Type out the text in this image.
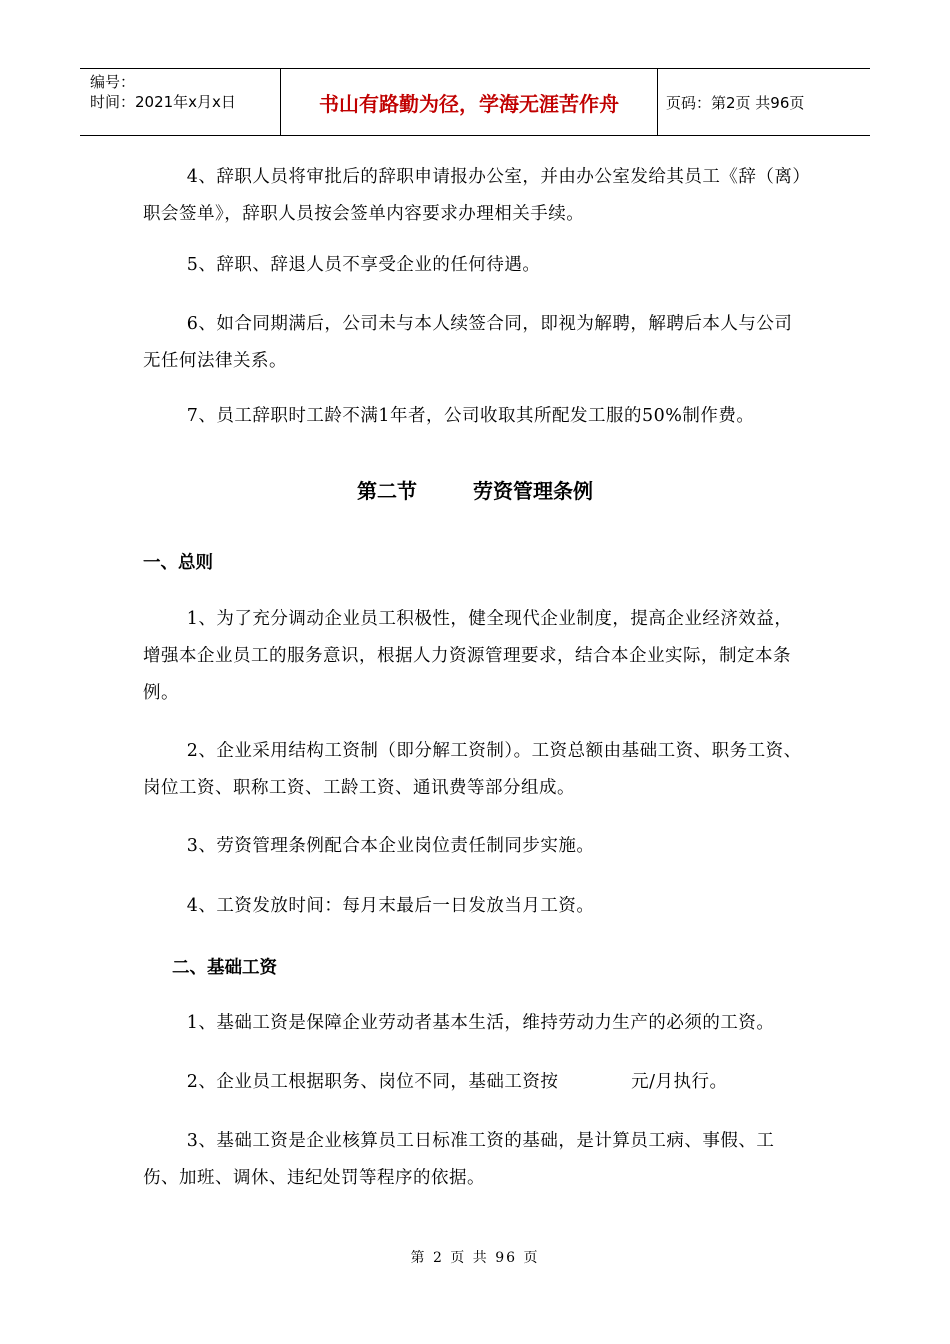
编号：
时间：2021年x月x日	书山有路勤为径，学海无涯苦作舟	页码：第2页 共96页

4、辞职人员将审批后的辞职申请报办公室，并由办公室发给其员工《辞（离）职会签单》，辞职人员按会签单内容要求办理相关手续。

5、辞职、辞退人员不享受企业的任何待遇。

6、如合同期满后，公司未与本人续签合同，即视为解聘，解聘后本人与公司无任何法律关系。

7、员工辞职时工龄不满1年者，公司收取其所配发工服的50%制作费。

第二节	劳资管理条例
一、总则

1、为了充分调动企业员工积极性，健全现代企业制度，提高企业经济效益，增强本企业员工的服务意识，根据人力资源管理要求，结合本企业实际，制定本条例。

2、企业采用结构工资制（即分解工资制）。工资总额由基础工资、职务工资、岗位工资、职称工资、工龄工资、通讯费等部分组成。

3、劳资管理条例配合本企业岗位责任制同步实施。

4、工资发放时间：每月末最后一日发放当月工资。

二、基础工资

1、基础工资是保障企业劳动者基本生活，维持劳动力生产的必须的工资。

2、企业员工根据职务、岗位不同，基础工资按            元/月执行。

3、基础工资是企业核算员工日标准工资的基础，是计算员工病、事假、工伤、加班、调休、违纪处罚等程序的依据。

第 2 页 共 96 页
